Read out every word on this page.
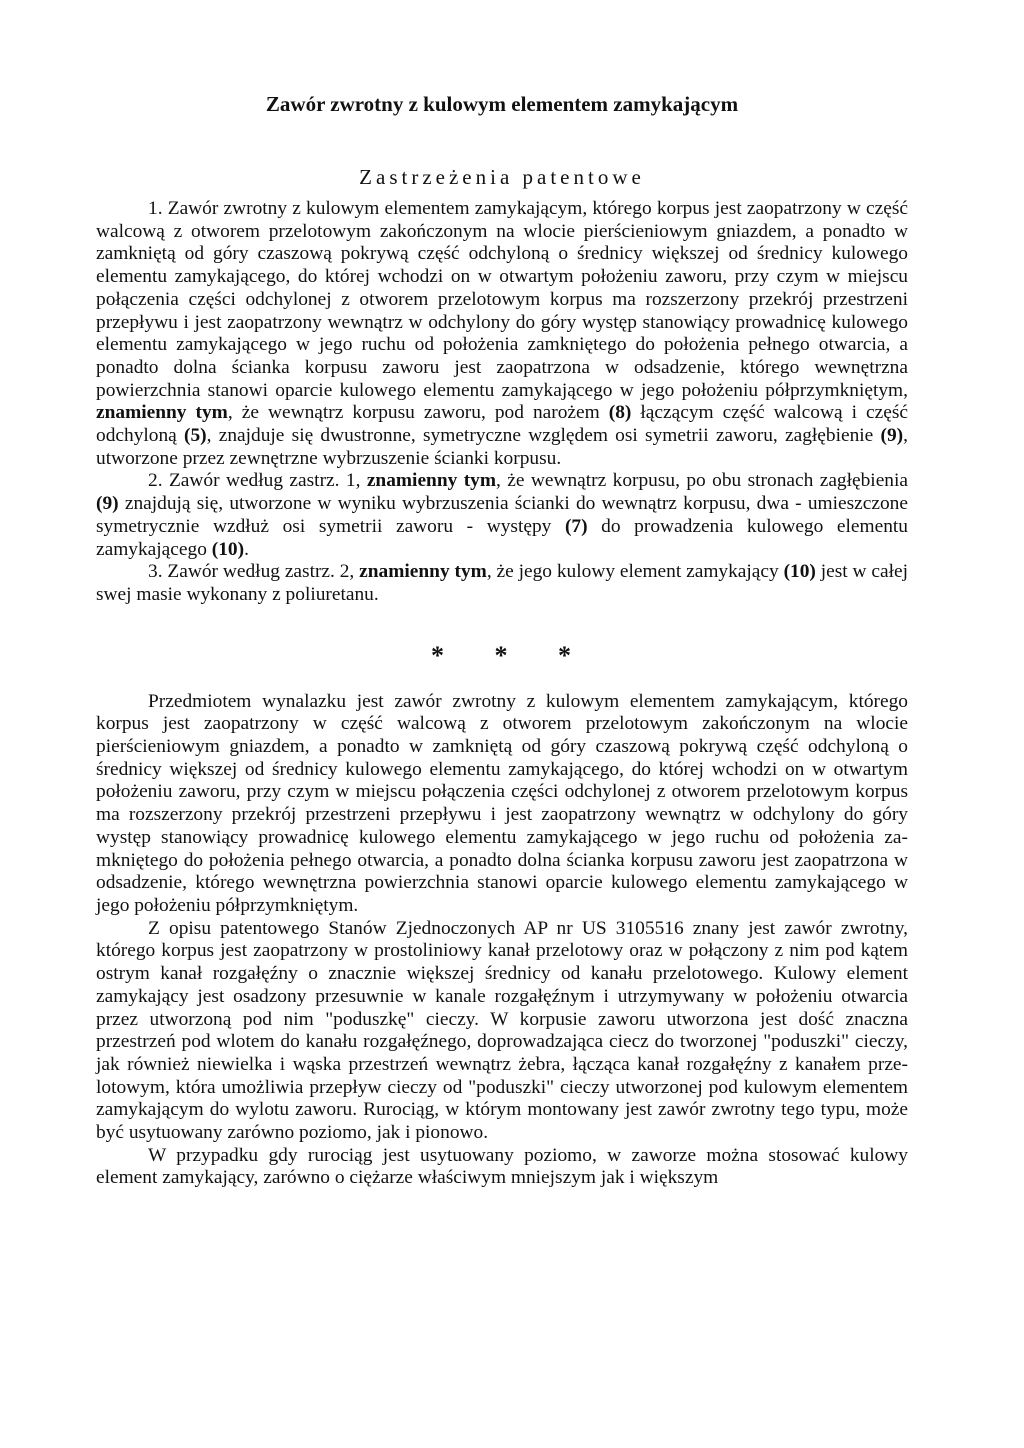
Zawór zwrotny z kulowym elementem zamykającym
Zastrzeżenia patentowe

1. Zawór zwrotny z kulowym elementem zamykającym, którego korpus jest zaopatrzony w część walcową z otworem przelotowym zakończonym na wlocie pierścieniowym gniazdem, a ponadto w zamkniętą od góry czaszową pokrywą część odchyloną o średnicy większej od średnicy kulowego elementu zamykającego, do której wchodzi on w otwartym położeniu zaworu, przy czym w miejscu połączenia części odchylonej z otworem przelotowym korpus ma rozszerzony przekrój przestrzeni przepływu i jest zaopatrzony wewnątrz w odchylony do góry występ stanowiący prowadnicę kulowego elementu zamykającego w jego ruchu od położenia zamkniętego do położenia pełnego otwarcia, a ponadto dolna ścianka korpusu zaworu jest zaopatrzona w odsadzenie, którego wewnętrzna powierzchnia stanowi oparcie kulowego elementu zamykającego w jego położeniu półprzymkniętym, znamienny tym, że wewnątrz korpusu zaworu, pod narożem (8) łączącym część walcową i część odchyloną (5), znajduje się dwustronne, symetryczne względem osi symetrii zaworu, zagłębienie (9), utworzone przez zewnętrzne wybrzuszenie ścianki korpusu.

2. Zawór według zastrz. 1, znamienny tym, że wewnątrz korpusu, po obu stronach zagłębienia (9) znajdują się, utworzone w wyniku wybrzuszenia ścianki do wewnątrz korpusu, dwa - umieszczone symetrycznie wzdłuż osi symetrii zaworu - występy (7) do prowadzenia kulowego elementu zamykającego (10).

3. Zawór według zastrz. 2, znamienny tym, że jego kulowy element zamykający (10) jest w całej swej masie wykonany z poliuretanu.

* * *

Przedmiotem wynalazku jest zawór zwrotny z kulowym elementem zamykającym, którego korpus jest zaopatrzony w część walcową z otworem przelotowym zakończonym na wlocie pierścieniowym gniazdem, a ponadto w zamkniętą od góry czaszową pokrywą część odchyloną o średnicy większej od średnicy kulowego elementu zamykającego, do której wchodzi on w otwartym położeniu zaworu, przy czym w miejscu połączenia części odchylonej z otworem przelotowym korpus ma rozszerzony przekrój przestrzeni przepływu i jest zaopatrzony wewnątrz w odchylony do góry występ stanowiący prowadnicę kulowego elementu zamykającego w jego ruchu od położenia zamkniętego do położenia pełnego otwarcia, a ponadto dolna ścianka korpusu zaworu jest zaopatrzona w odsadzenie, którego wewnętrzna powierzchnia stanowi oparcie kulowego elementu zamykającego w jego położeniu półprzymkniętym.

Z opisu patentowego Stanów Zjednoczonych AP nr US 3105516 znany jest zawór zwrotny, którego korpus jest zaopatrzony w prostoliniowy kanał przelotowy oraz w połączony z nim pod kątem ostrym kanał rozgałęźny o znacznie większej średnicy od kanału przelotowego. Kulowy element zamykający jest osadzony przesuwnie w kanale rozgałęźnym i utrzymywany w położeniu otwarcia przez utworzoną pod nim "poduszkę" cieczy. W korpusie zaworu utworzona jest dość znaczna przestrzeń pod wlotem do kanału rozgałęźnego, doprowadzająca ciecz do tworzonej "poduszki" cieczy, jak również niewielka i wąska przestrzeń wewnątrz żebra, łącząca kanał rozgałęźny z kanałem przelotowym, która umożliwia przepływ cieczy od "poduszki" cieczy utworzonej pod kulowym elementem zamykającym do wylotu zaworu. Rurociąg, w którym montowany jest zawór zwrotny tego typu, może być usytuowany zarówno poziomo, jak i pionowo.

W przypadku gdy rurociąg jest usytuowany poziomo, w zaworze można stosować kulowy element zamykający, zarówno o ciężarze właściwym mniejszym jak i większym
